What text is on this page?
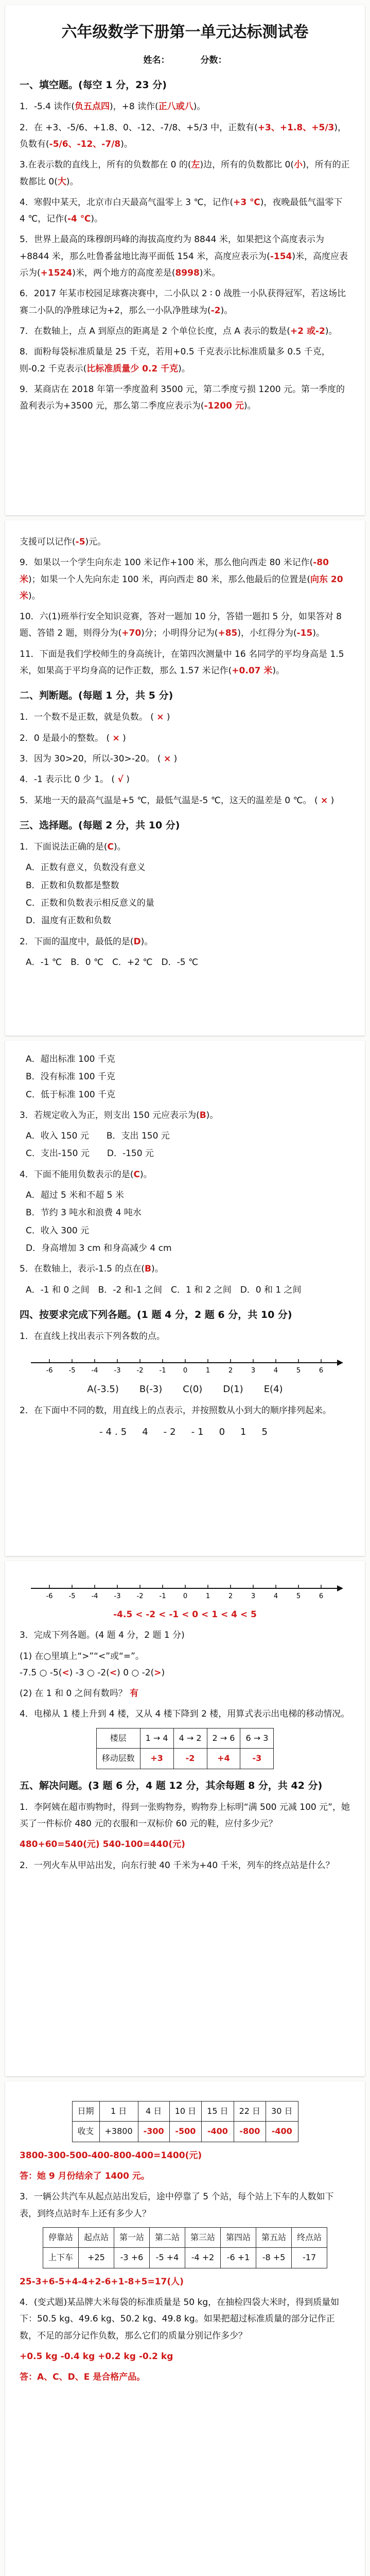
六年级数学下册第一单元达标测试卷
姓名：	分数：
一、填空题。(每空 1 分，23 分)
1．-5.4 读作(负五点四)，+8 读作(正八或八)。
2．在 +3、-5/6、+1.8、0、-12、-7/8、+5/3 中，正数有(+3、+1.8、+5/3)，负数有(-5/6、-12、-7/8)。
3.在表示数的直线上，所有的负数都在 0 的(左)边，所有的负数都比 0(小)，所有的正数都比 0(大)。
4．寒假中某天，北京市白天最高气温零上 3 ℃，记作(+3 ℃)，夜晚最低气温零下 4 ℃，记作(-4 ℃)。
5．世界上最高的珠穆朗玛峰的海拔高度约为 8844 米，如果把这个高度表示为+8844 米，那么吐鲁番盆地比海平面低 154 米，高度应表示为(-154)米，高度应表示为(+1524)米，两个地方的高度差是(8998)米。
6．2017 年某市校园足球赛决赛中，二小队以 2 ∶ 0 战胜一小队获得冠军，若这场比赛二小队的净胜球记为+2，那么一小队净胜球为(-2)。
7．在数轴上，点 A 到原点的距离是 2 个单位长度，点 A 表示的数是(+2 或-2)。
8．面粉每袋标准质量是 25 千克，若用+0.5 千克表示比标准质量多 0.5 千克，则-0.2 千克表示(比标准质量少 0.2 千克)。
9．某商店在 2018 年第一季度盈利 3500 元，第二季度亏损 1200 元。第一季度的盈利表示为+3500 元，那么第二季度应表示为(-1200 元)。
支援可以记作(-5)元。
9．如果以一个学生向东走 100 米记作+100 米，那么他向西走 80 米记作(-80 米)；如果一个人先向东走 100 米，再向西走 80 米，那么他最后的位置是(向东 20 米)。
10．六(1)班举行安全知识竞赛，答对一题加 10 分，答错一题扣 5 分，如果答对 8 题、答错 2 题，则得分为(+70)分；小明得分记为(+85)，小红得分为(-15)。
11．下面是我们学校师生的身高统计，在第四次测量中 16 名同学的平均身高是 1.5 米，如果高于平均身高的记作正数，那么 1.57 米记作(+0.07 米)。
二、判断题。(每题 1 分，共 5 分)
1．一个数不是正数，就是负数。 ( × )
2．0 是最小的整数。 ( × )
3．因为 30>20，所以-30>-20。 ( × )
4．-1 表示比 0 少 1。 ( √ )
5．某地一天的最高气温是+5 ℃，最低气温是-5 ℃，这天的温差是 0 ℃。 ( × )
三、选择题。(每题 2 分，共 10 分)
1．下面说法正确的是(C)。
A．正数有意义，负数没有意义
B．正数和负数都是整数
C．正数和负数表示相反意义的量
D．温度有正数和负数
2．下面的温度中，最低的是(D)。
A．-1 ℃　 B．0 ℃　 C．+2 ℃　 D．-5 ℃
A．超出标准 100 千克
B．没有标准 100 千克
C．低于标准 100 千克
3．若规定收入为正，则支出 150 元应表示为(B)。
A．收入 150 元　　 B．支出 150 元
C．支出-150 元　　 D．-150 元
4．下面不能用负数表示的是(C)。
A．超过 5 米和不超 5 米
B．节约 3 吨水和浪费 4 吨水
C．收入 300 元
D．身高增加 3 cm 和身高减少 4 cm
5．在数轴上，表示-1.5 的点在(B)。
A．-1 和 0 之间　 B．-2 和-1 之间　 C．1 和 2 之间　 D．0 和 1 之间
四、按要求完成下列各题。(1 题 4 分，2 题 6 分，共 10 分)
1．在直线上找出表示下列各数的点。
-6 -5 -4 -3 -2 -1	0	1	2	3	4	5	6
A(-3.5) B(-3) C(0) D(1) E(4)
2．在下面中不同的数，用直线上的点表示，并按照数从小到大的顺序排列起来。
-4.5　 4　 -2　 -1　 0　 1　 5
-6 -5 -4 -3 -2 -1	0	1	2	3	4	5	6
-4.5 < -2 < -1 < 0 < 1 < 4 < 5
3．完成下列各题。(4 题 4 分，2 题 1 分)
(1) 在○里填上“>”“<”或“=”。
-7.5 ○ -5(<) -3 ○ -2(<) 0 ○ -2(>)
(2) 在 1 和 0 之间有数吗？ 有
4．电梯从 1 楼上升到 4 楼，又从 4 楼下降到 2 楼，用算式表示出电梯的移动情况。
楼层	1 → 4	4 → 2	2 → 6	6 → 3
移动层数	+3	-2	+4	-3
五、解决问题。(3 题 6 分，4 题 12 分，其余每题 8 分，共 42 分)
1．李阿姨在超市购物时，得到一张购物券，购物券上标明“满 500 元减 100 元”，她买了一件标价 480 元的衣服和一双标价 60 元的鞋，应付多少元？
480+60=540(元) 540-100=440(元)
2．一列火车从甲站出发，向东行驶 40 千米为+40 千米，列车的终点站是什么？
日期	1 日	4 日	10 日	15 日	22 日	30 日
收支	+3800	-300	-500	-400	-800	-400
3800-300-500-400-800-400=1400(元)
答：她 9 月份结余了 1400 元。
3．一辆公共汽车从起点站出发后，途中停靠了 5 个站，每个站上下车的人数如下表，到终点站时车上还有多少人？
停靠站	起点站	第一站	第二站	第三站	第四站	第五站	终点站
上下车	+25	-3 +6	-5 +4	-4 +2	-6 +1	-8 +5	-17
25-3+6-5+4-4+2-6+1-8+5=17(人)
4．(变式题)某品牌大米每袋的标准质量是 50 kg，在抽检四袋大米时，得到质量如下：50.5 kg、49.6 kg、50.2 kg、49.8 kg。如果把超过标准质量的部分记作正数，不足的部分记作负数，那么它们的质量分别记作多少？
+0.5 kg -0.4 kg +0.2 kg -0.2 kg
答：A、C、D、E 是合格产品。
